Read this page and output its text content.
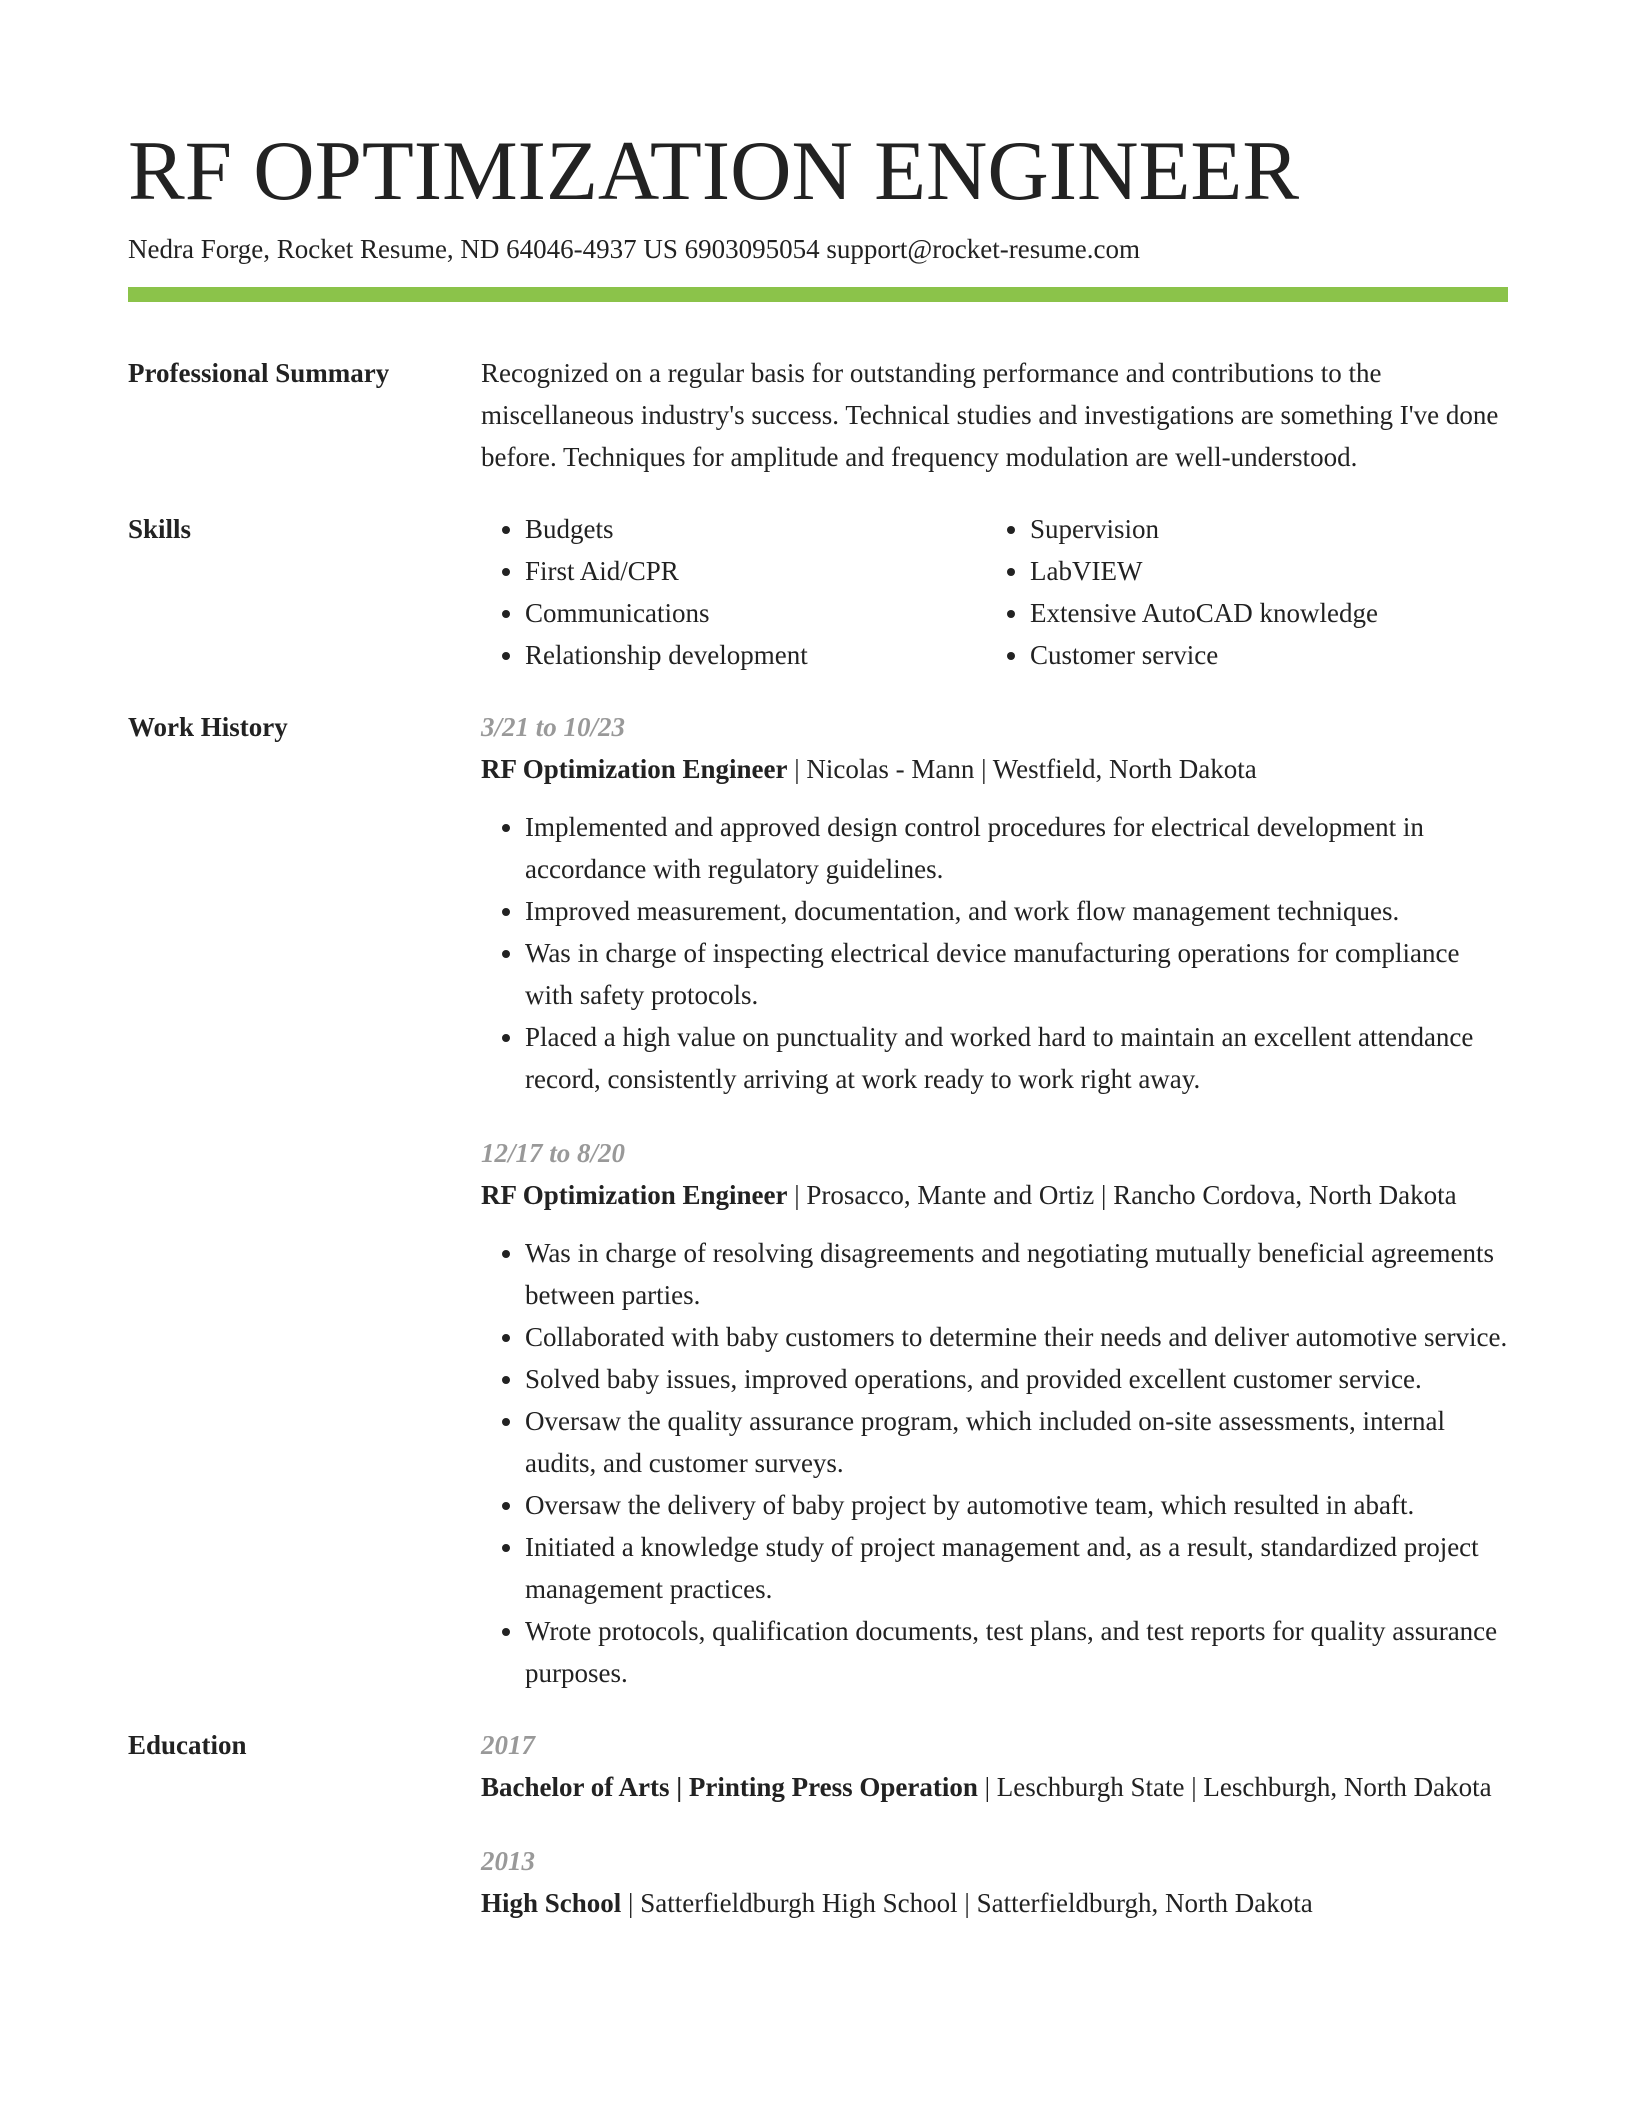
RF OPTIMIZATION ENGINEER
Nedra Forge, Rocket Resume, ND 64046-4937 US 6903095054 support@rocket-resume.com
Professional Summary	Recognized on a regular basis for outstanding performance and contributions to the miscellaneous industry's success. Technical studies and investigations are something I've done before. Techniques for amplitude and frequency modulation are well-understood.

Skills
•	Budgets
• First Aid/CPR
• Communications
• Relationship development
• Supervision
• LabVIEW
• Extensive AutoCAD knowledge
• Customer service
Work History	3/21 to 10/23

RF Optimization Engineer | Nicolas - Mann | Westfield, North Dakota

• Implemented and approved design control procedures for electrical development in accordance with regulatory guidelines.
• Improved measurement, documentation, and work flow management techniques.
• Was in charge of inspecting electrical device manufacturing operations for compliance with safety protocols.
• Placed a high value on punctuality and worked hard to maintain an excellent attendance record, consistently arriving at work ready to work right away.
12/17 to 8/20

RF Optimization Engineer | Prosacco, Mante and Ortiz | Rancho Cordova, North Dakota

• Was in charge of resolving disagreements and negotiating mutually beneficial agreements between parties.
• Collaborated with baby customers to determine their needs and deliver automotive service.
• Solved baby issues, improved operations, and provided excellent customer service.
• Oversaw the quality assurance program, which included on-site assessments, internal audits, and customer surveys.
• Oversaw the delivery of baby project by automotive team, which resulted in abaft.
• Initiated a knowledge study of project management and, as a result, standardized project management practices.
• Wrote protocols, qualification documents, test plans, and test reports for quality assurance purposes.
Education	2017

Bachelor of Arts | Printing Press Operation | Leschburgh State | Leschburgh, North Dakota

2013

High School | Satterfieldburgh High School | Satterfieldburgh, North Dakota
